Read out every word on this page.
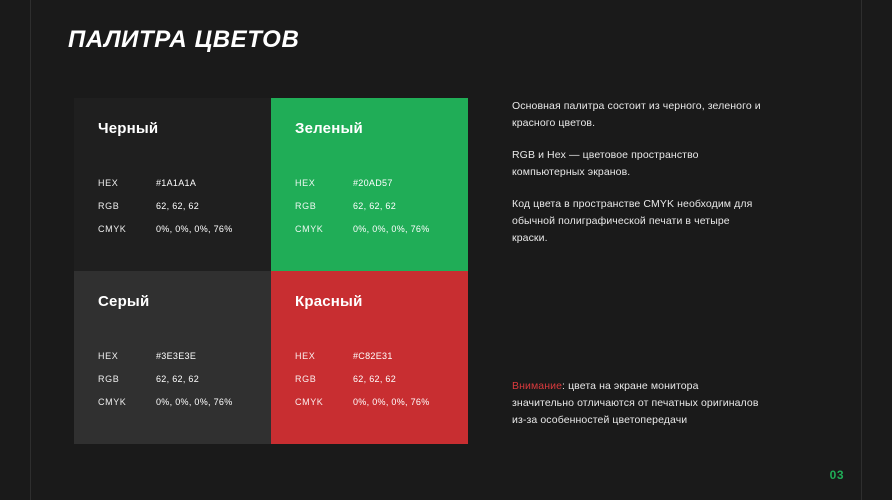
ПАЛИТРА ЦВЕТОВ
Черный
HEX	#1A1A1A
RGB	62, 62, 62
CMYK	0%, 0%, 0%, 76%
Зеленый
HEX	#20AD57
RGB	62, 62, 62
CMYK	0%, 0%, 0%, 76%
Серый
HEX	#3E3E3E
RGB	62, 62, 62
CMYK	0%, 0%, 0%, 76%
Красный
HEX	#C82E31
RGB	62, 62, 62
CMYK	0%, 0%, 0%, 76%

Основная палитра состоит из черного, зеленого и красного цветов.

RGB и Hex — цветовое пространство компьютерных экранов.

Код цвета в пространстве CMYK необходим для обычной полиграфической печати в четыре краски.

Внимание: цвета на экране монитора значительно отличаются от печатных оригиналов из-за особенностей цветопередачи
03
